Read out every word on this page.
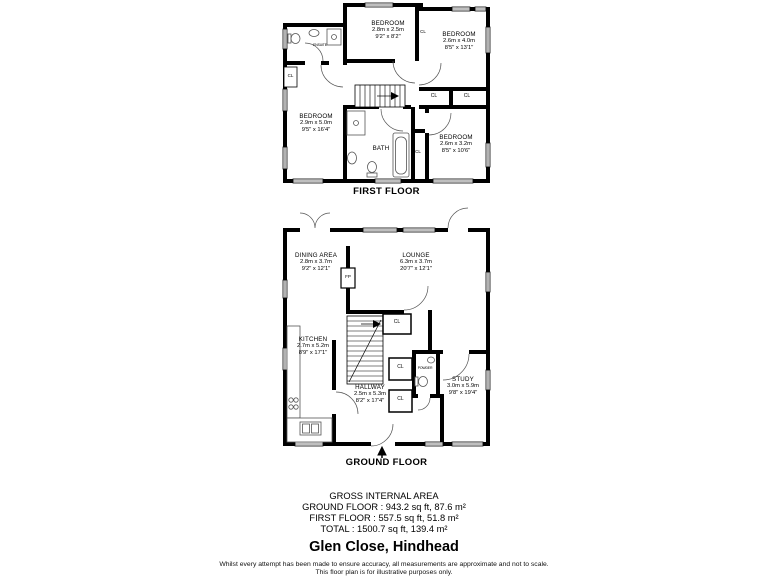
BEDROOM
2.8m x 2.5m
9'2" x 8'2"	BEDROOM
2.6m x 4.0m
8'5" x 13'1"
BEDROOM
2.9m x 5.0m
9'5" x 16'4"
BEDROOM
2.6m x 3.2m
8'5" x 10'6"
BATH
ENSUITE
CL
CL
CL	CL
CL
FIRST FLOOR
DINING AREA
2.8m x 3.7m
9'2" x 12'1"
LOUNGE
6.3m x 3.7m
20'7" x 12'1"
KITCHEN
2.7m x 5.2m
8'9" x 17'1"
HALLWAY
2.5m x 5.3m
8'2" x 17'4"
STUDY
3.0m x 5.9m
9'8" x 19'4"
POWDER
FP
CL
CL
CL
GROUND FLOOR
GROSS INTERNAL AREA
GROUND FLOOR : 943.2 sq ft, 87.6 m²
FIRST FLOOR : 557.5 sq ft, 51.8 m²
TOTAL : 1500.7 sq ft, 139.4 m²
Glen Close, Hindhead
Whilst every attempt has been made to ensure accuracy, all measurements are approximate and not to scale.
This floor plan is for illustrative purposes only.
